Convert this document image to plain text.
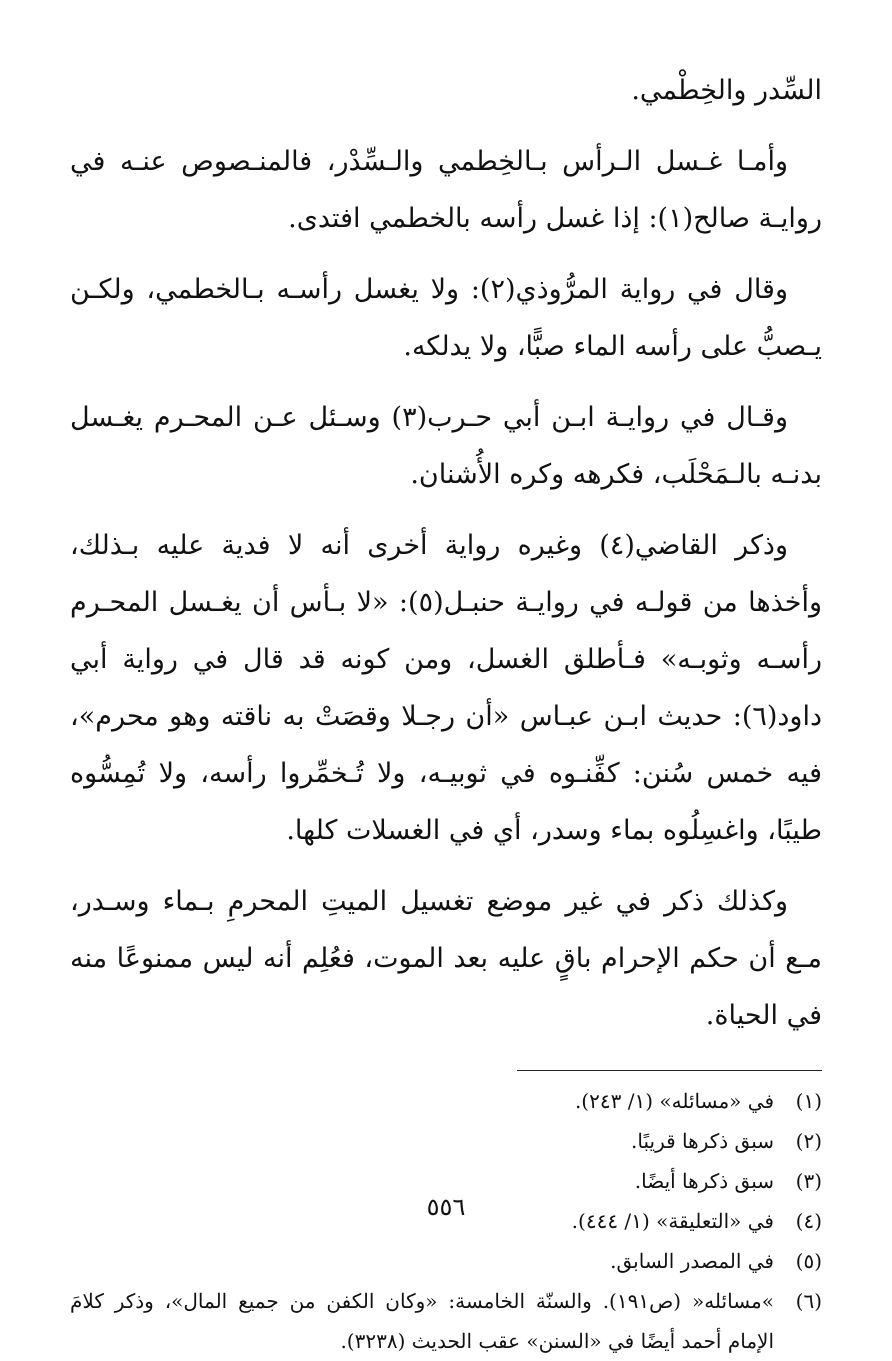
السِّدر والخِطْمي.

وأمـا غـسل الـرأس بـالخِطمي والـسِّدْر، فالمنـصوص عنـه في روايـة صالح(١): إذا غسل رأسه بالخطمي افتدى.

وقال في رواية المرُّوذي(٢): ولا يغسل رأسـه بـالخطمي، ولكـن يـصبُّ على رأسه الماء صبًّا، ولا يدلكه.

وقـال في روايـة ابـن أبي حـرب(٣) وسـئل عـن المحـرم يغـسل بدنـه بالـمَحْلَب، فكرهه وكره الأُشنان.

وذكر القاضي(٤) وغيره رواية أخرى أنه لا فدية عليه بـذلك، وأخذها من قولـه في روايـة حنبـل(٥): «لا بـأس أن يغـسل المحـرم رأسـه وثوبـه» فـأطلق الغسل، ومن كونه قد قال في رواية أبي داود(٦): حديث ابـن عبـاس «أن رجـلا وقصَتْ به ناقته وهو محرم»، فيه خمس سُنن: كفِّنـوه في ثوبيـه، ولا تُـخمِّروا رأسه، ولا تُمِسُّوه طيبًا، واغسِلُوه بماء وسدر، أي في الغسلات كلها.

وكذلك ذكر في غير موضع تغسيل الميتِ المحرمِ بـماء وسـدر، مـع أن حكم الإحرام باقٍ عليه بعد الموت، فعُلِم أنه ليس ممنوعًا منه في الحياة.

(١)
في «مسائله» (١/ ٢٤٣).
(٢)
سبق ذكرها قريبًا.
(٣)
سبق ذكرها أيضًا.
(٤)
في «التعليقة» (١/ ٤٤٤).
(٥)
في المصدر السابق.
(٦)
»مسائله« (ص١٩١). والسنّة الخامسة: «وكان الكفن من جميع المال»، وذكر كلامَ الإمام أحمد أيضًا في «السنن» عقب الحديث (٣٢٣٨).
٥٥٦
